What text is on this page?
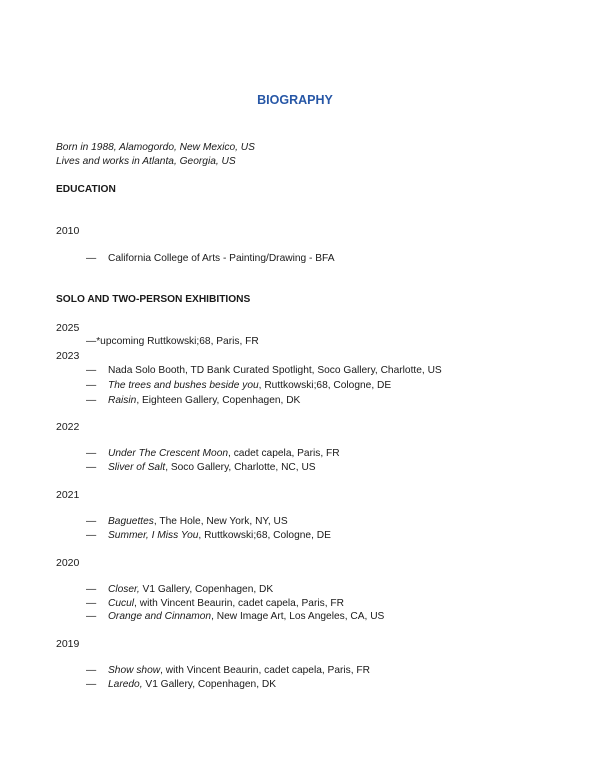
BIOGRAPHY
Born in 1988, Alamogordo, New Mexico, US
Lives and works in Atlanta, Georgia, US
EDUCATION
2010
— California College of Arts - Painting/Drawing - BFA
SOLO AND TWO-PERSON EXHIBITIONS
2025
—*upcoming Ruttkowski;68, Paris, FR
2023
— Nada Solo Booth, TD Bank Curated Spotlight, Soco Gallery, Charlotte, US
— The trees and bushes beside you, Ruttkowski;68, Cologne, DE
— Raisin, Eighteen Gallery, Copenhagen, DK
2022
— Under The Crescent Moon, cadet capela, Paris, FR
— Sliver of Salt, Soco Gallery, Charlotte, NC, US
2021
— Baguettes, The Hole, New York, NY, US
— Summer, I Miss You, Ruttkowski;68, Cologne, DE
2020
— Closer, V1 Gallery, Copenhagen, DK
— Cucul, with Vincent Beaurin, cadet capela, Paris, FR
— Orange and Cinnamon, New Image Art, Los Angeles, CA, US
2019
— Show show, with Vincent Beaurin, cadet capela, Paris, FR
— Laredo, V1 Gallery, Copenhagen, DK
